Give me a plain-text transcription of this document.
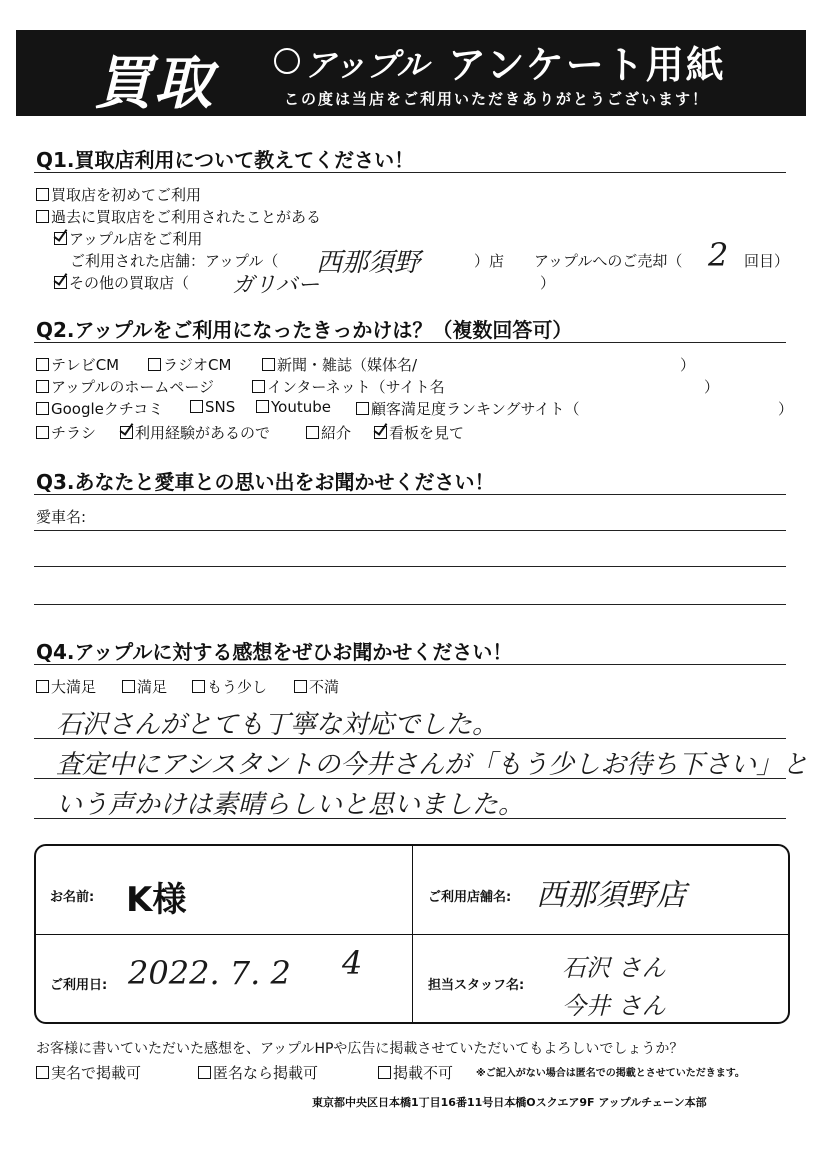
買取	アップル アンケート用紙
この度は当店をご利用いただきありがとうございます！
Q1.買取店利用について教えてください！
買取店を初めてご利用
過去に買取店をご利用されたことがある
アップル店をご利用
ご利用された店舗：アップル（ 西那須野	）店 アップルへのご売却（ 2 回目）
その他の買取店（ ガリバー	）
Q2.アップルをご利用になったきっかけは？（複数回答可）
テレビCM	ラジオCM	新聞・雑誌（媒体名/	）
アップルのホームページ	インターネット（サイト名	）
Googleクチコミ	SNS	Youtube	顧客満足度ランキングサイト（	）
チラシ	利用経験があるので	紹介	看板を見て
Q3.あなたと愛車との思い出をお聞かせください！
愛車名:
Q4.アップルに対する感想をぜひお聞かせください！
大満足	満足	もう少し	不満
石沢さんがとても丁寧な対応でした。
査定中にアシスタントの今井さんが「もう少しお待ち下さい」と
いう声かけは素晴らしいと思いました。
お名前: K様	ご利用店舗名: 西那須野店
ご利用日: 2022. 7. 2 4
担当スタッフ名:
石沢 さん
今井 さん
お客様に書いていただいた感想を、アップルHPや広告に掲載させていただいてもよろしいでしょうか？
実名で掲載可	匿名なら掲載可	掲載不可 ※ご記入がない場合は匿名での掲載とさせていただきます。
東京都中央区日本橋1丁目16番11号日本橋Oスクエア9F アップルチェーン本部
